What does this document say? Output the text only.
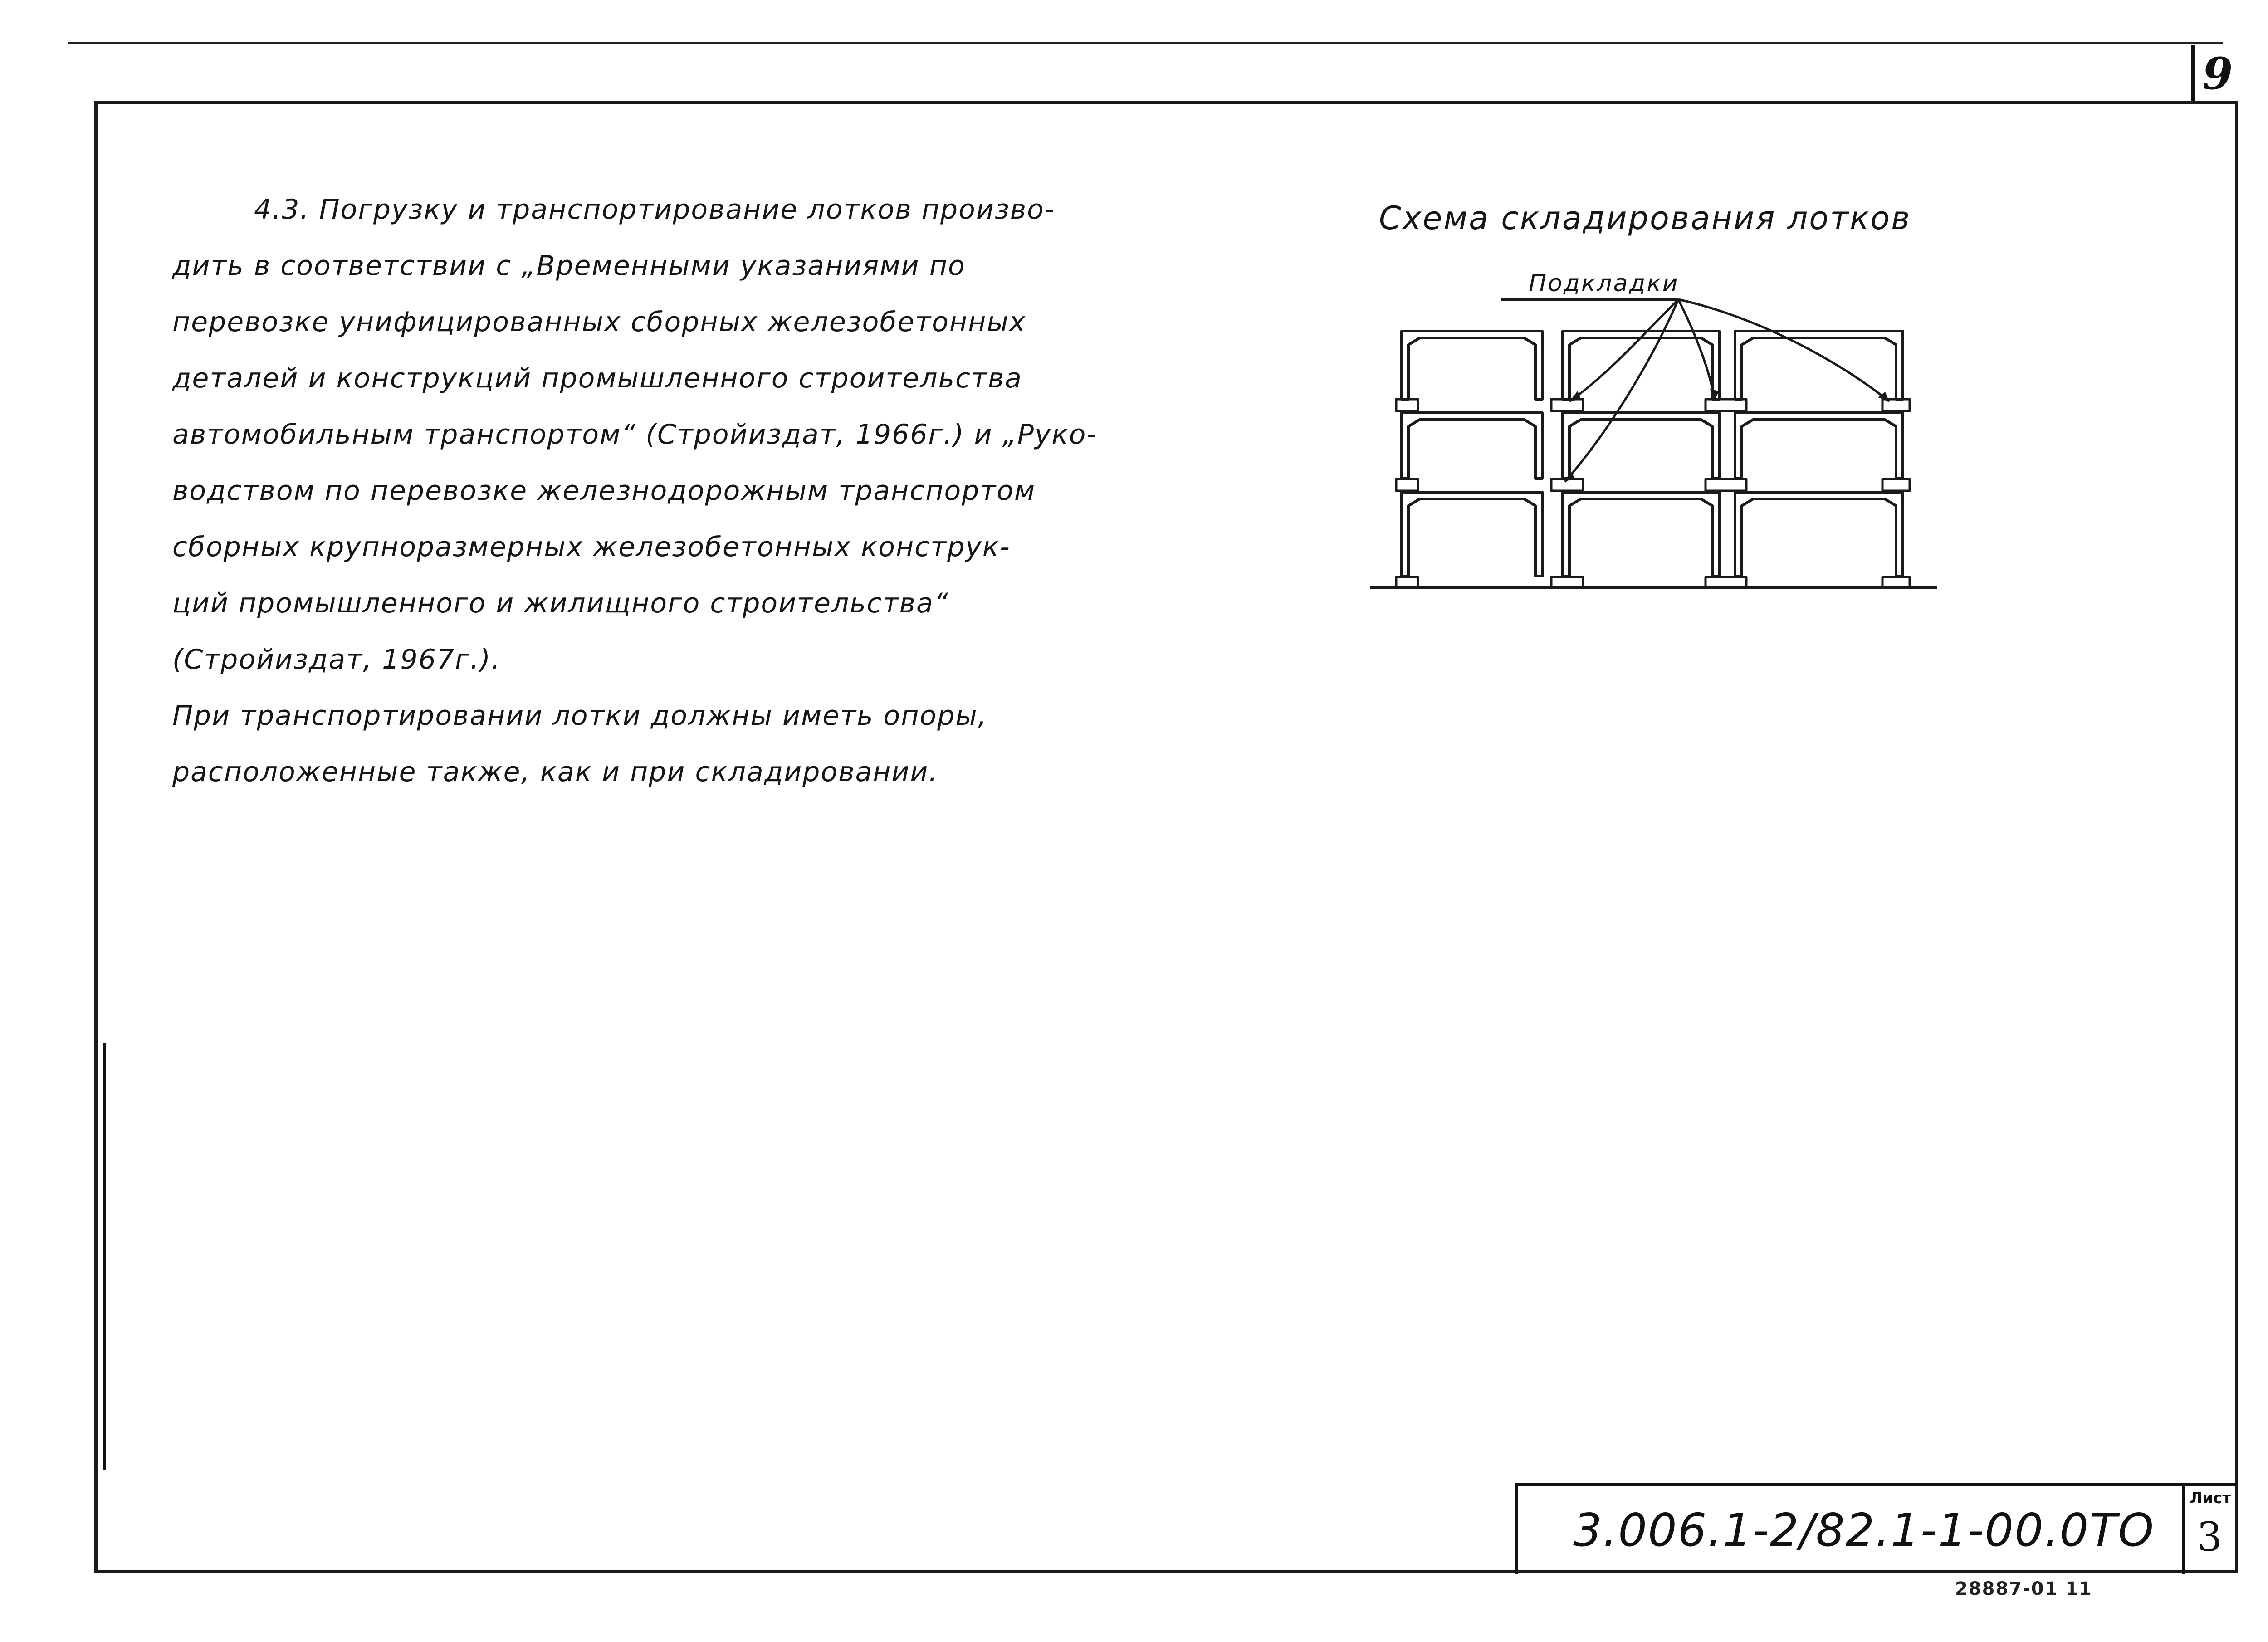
9
4.3. Погрузку и транспортирование лотков произво-
дить в соответствии с „Временными указаниями по
перевозке унифицированных сборных железобетонных
деталей и конструкций промышленного строительства
автомобильным транспортом“ (Стройиздат, 1966г.) и „Руко-
водством по перевозке железнодорожным транспортом
сборных крупноразмерных железобетонных конструк-
ций промышленного и жилищного строительства“
(Стройиздат, 1967г.).
При транспортировании лотки должны иметь опоры,
расположенные также, как и при складировании.
Схема складирования лотков
Подкладки
3.006.1-2/82.1-1-00.0ТО
Лист
3
28887-01 11
